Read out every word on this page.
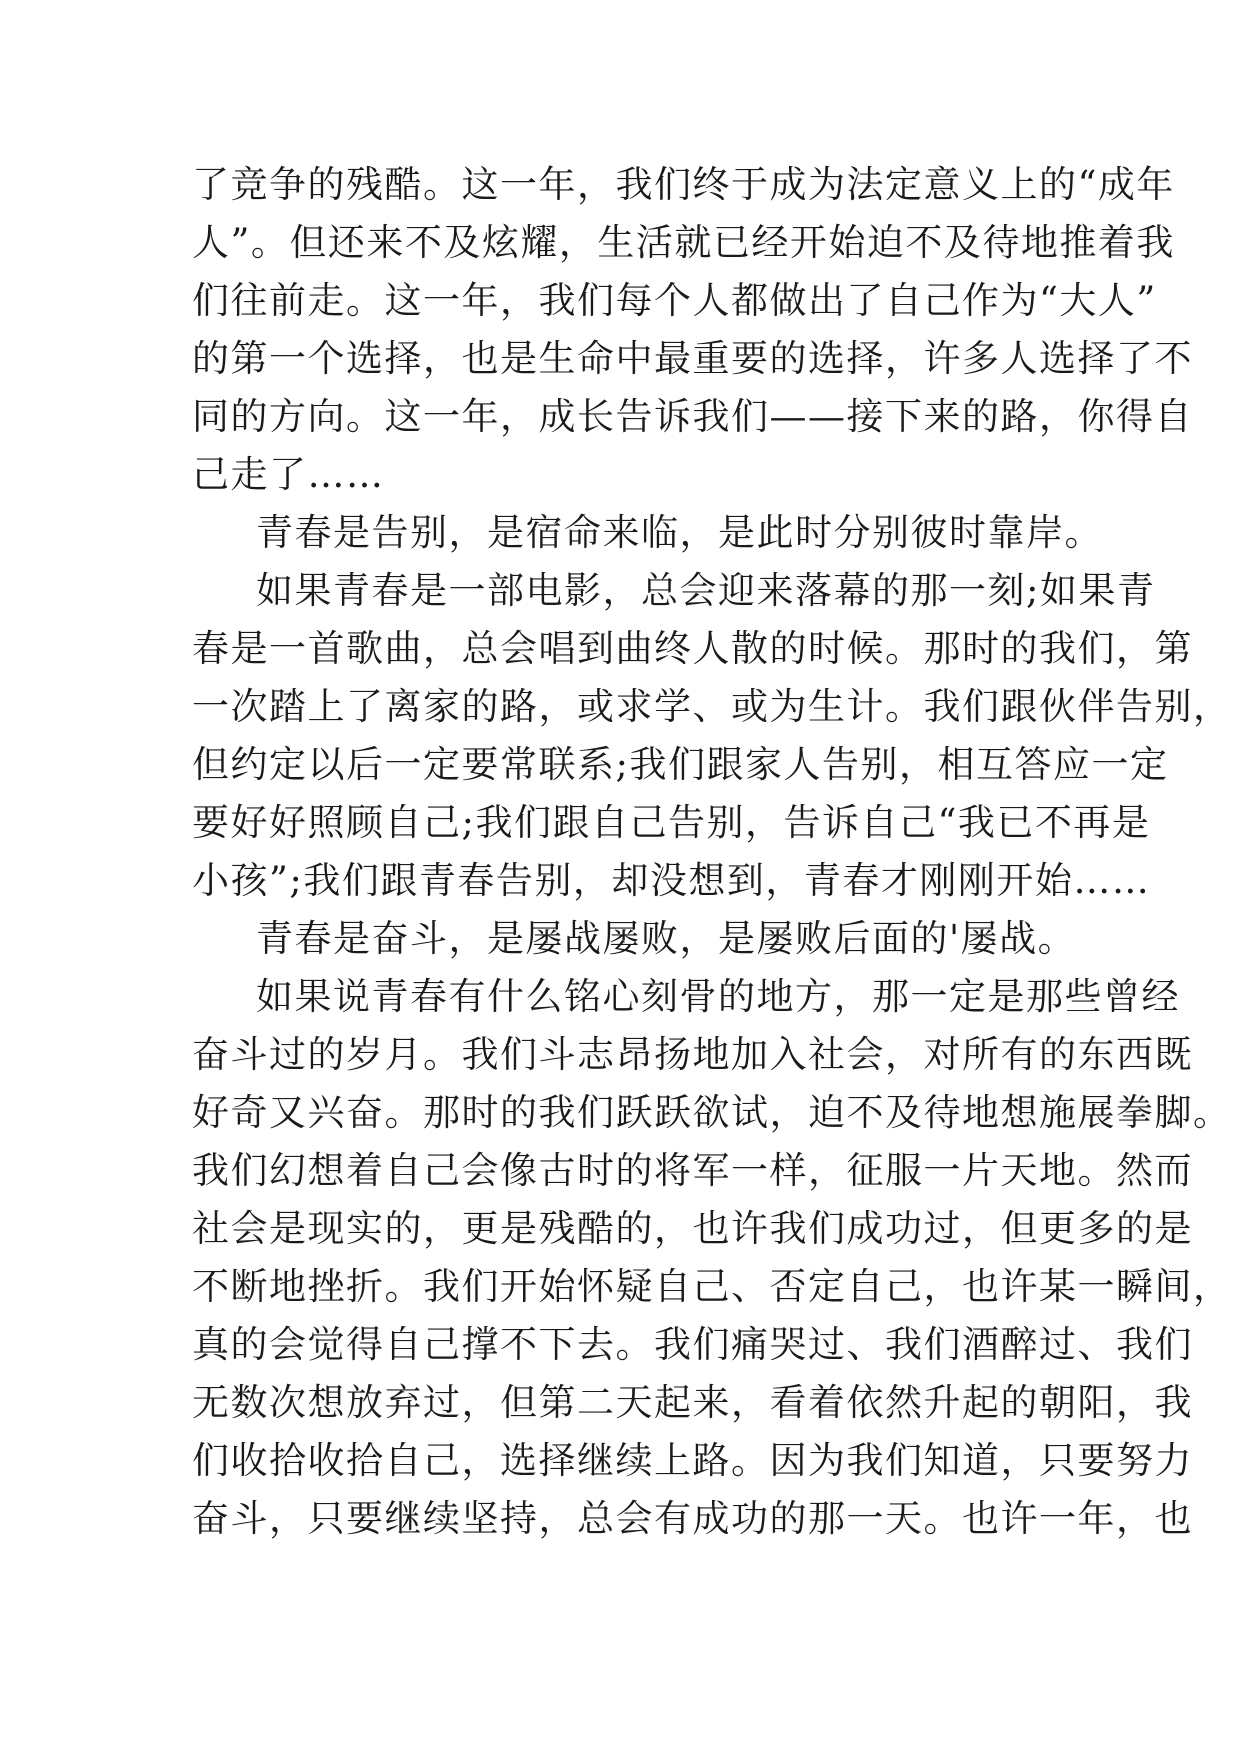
了竞争的残酷。这一年，我们终于成为法定意义上的“成年
人”。但还来不及炫耀，生活就已经开始迫不及待地推着我
们往前走。这一年，我们每个人都做出了自己作为“大人”
的第一个选择，也是生命中最重要的选择，许多人选择了不
同的方向。这一年，成长告诉我们——接下来的路，你得自
己走了……
青春是告别，是宿命来临，是此时分别彼时靠岸。
如果青春是一部电影，总会迎来落幕的那一刻;如果青
春是一首歌曲，总会唱到曲终人散的时候。那时的我们，第
一次踏上了离家的路，或求学、或为生计。我们跟伙伴告别，
但约定以后一定要常联系;我们跟家人告别，相互答应一定
要好好照顾自己;我们跟自己告别，告诉自己“我已不再是
小孩”;我们跟青春告别，却没想到，青春才刚刚开始……
青春是奋斗，是屡战屡败，是屡败后面的'屡战。
如果说青春有什么铭心刻骨的地方，那一定是那些曾经
奋斗过的岁月。我们斗志昂扬地加入社会，对所有的东西既
好奇又兴奋。那时的我们跃跃欲试，迫不及待地想施展拳脚。
我们幻想着自己会像古时的将军一样，征服一片天地。然而
社会是现实的，更是残酷的，也许我们成功过，但更多的是
不断地挫折。我们开始怀疑自己、否定自己，也许某一瞬间，
真的会觉得自己撑不下去。我们痛哭过、我们酒醉过、我们
无数次想放弃过，但第二天起来，看着依然升起的朝阳，我
们收拾收拾自己，选择继续上路。因为我们知道，只要努力
奋斗，只要继续坚持，总会有成功的那一天。也许一年，也
